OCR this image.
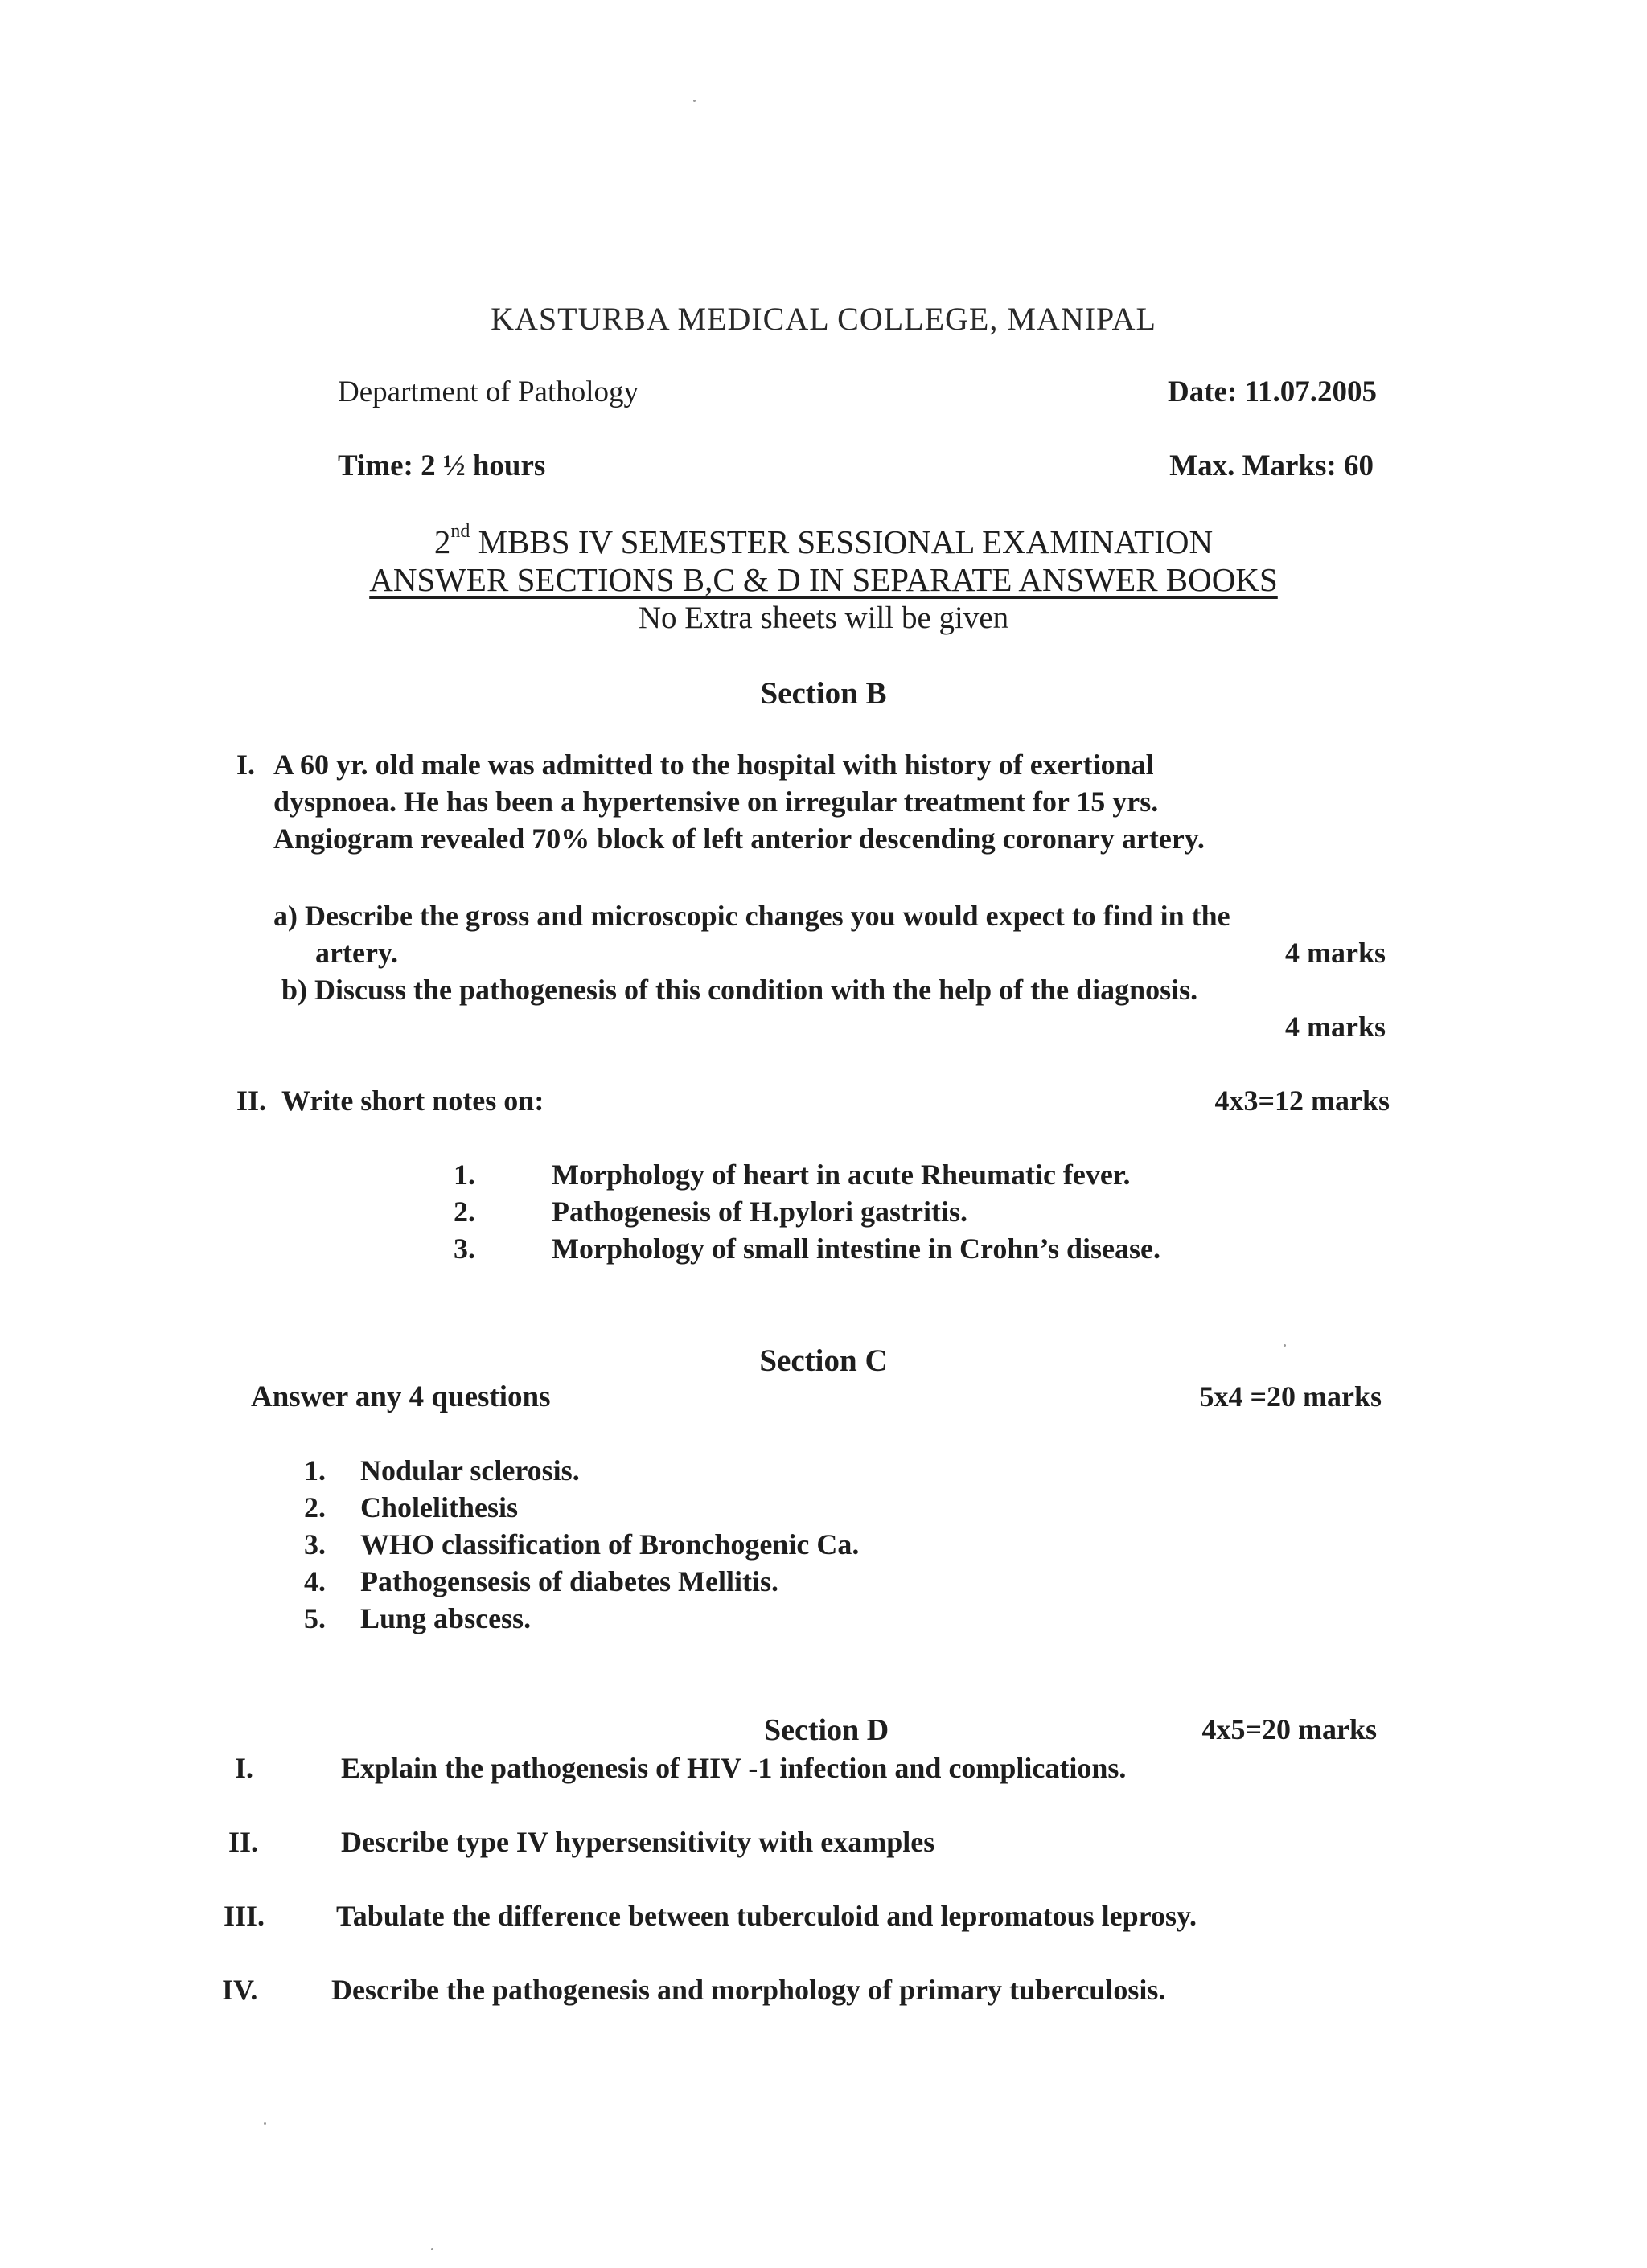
KASTURBA MEDICAL COLLEGE, MANIPAL
Department of Pathology	Date: 11.07.2005
Time: 2 ½ hours	Max. Marks: 60
2nd MBBS IV SEMESTER SESSIONAL EXAMINATION
ANSWER SECTIONS B,C & D IN SEPARATE ANSWER BOOKS
No Extra sheets will be given
Section B
I. A 60 yr. old male was admitted to the hospital with history of exertional
dyspnoea. He has been a hypertensive on irregular treatment for 15 yrs.
Angiogram revealed 70% block of left anterior descending coronary artery.
a) Describe the gross and microscopic changes you would expect to find in the
artery.	4 marks
b) Discuss the pathogenesis of this condition with the help of the diagnosis.
4 marks
II. Write short notes on:	4x3=12 marks
1.	Morphology of heart in acute Rheumatic fever.
2.	Pathogenesis of H.pylori gastritis.
3.	Morphology of small intestine in Crohn’s disease.
Section C
Answer any 4 questions	5x4 =20 marks
1. Nodular sclerosis.
2. Cholelithesis
3. WHO classification of Bronchogenic Ca.
4. Pathogensesis of diabetes Mellitis.
5. Lung abscess.
Section D	4x5=20 marks
I.	Explain the pathogenesis of HIV -1 infection and complications.
II.	Describe type IV hypersensitivity with examples
III. Tabulate the difference between tuberculoid and lepromatous leprosy.
IV.	Describe the pathogenesis and morphology of primary tuberculosis.
